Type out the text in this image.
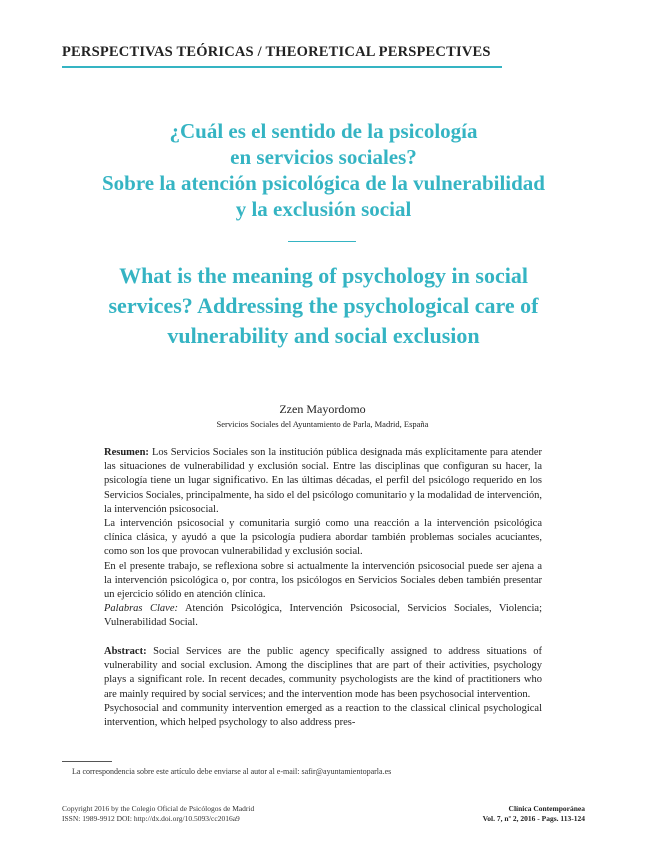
PERSPECTIVAS TEÓRICAS / THEORETICAL PERSPECTIVES
¿Cuál es el sentido de la psicología
en servicios sociales?
Sobre la atención psicológica de la vulnerabilidad
y la exclusión social
What is the meaning of psychology in social
services? Addressing the psychological care of
vulnerability and social exclusion
Zzen Mayordomo
Servicios Sociales del Ayuntamiento de Parla, Madrid, España

Resumen: Los Servicios Sociales son la institución pública designada más explícitamente para atender las situaciones de vulnerabilidad y exclusión social. Entre las disciplinas que configuran su hacer, la psicología tiene un lugar significativo. En las últimas décadas, el perfil del psicólogo requerido en los Servicios Sociales, principalmente, ha sido el del psicólogo comunitario y la modalidad de intervención, la intervención psicosocial.

La intervención psicosocial y comunitaria surgió como una reacción a la intervención psicológica clínica clásica, y ayudó a que la psicología pudiera abordar también problemas sociales acuciantes, como son los que provocan vulnerabilidad y exclusión social.

En el presente trabajo, se reflexiona sobre si actualmente la intervención psicosocial puede ser ajena a la intervención psicológica o, por contra, los psicólogos en Servicios Sociales deben también presentar un ejercicio sólido en atención clínica.

Palabras Clave: Atención Psicológica, Intervención Psicosocial, Servicios Sociales, Violencia; Vulnerabilidad Social.

Abstract: Social Services are the public agency specifically assigned to address situations of vulnerability and social exclusion. Among the disciplines that are part of their activities, psychology plays a significant role. In recent decades, community psychologists are the kind of practitioners who are mainly required by social services; and the intervention mode has been psychosocial intervention.

Psychosocial and community intervention emerged as a reaction to the classical clinical psychological intervention, which helped psychology to also address pres-

La correspondencia sobre este artículo debe enviarse al autor al e-mail: safir@ayuntamientoparla.es
Copyright 2016 by the Colegio Oficial de Psicólogos de Madrid
ISSN: 1989-9912 DOI: http://dx.doi.org/10.5093/cc2016a9
Clínica Contemporánea
Vol. 7, nº 2, 2016 - Pags. 113-124
